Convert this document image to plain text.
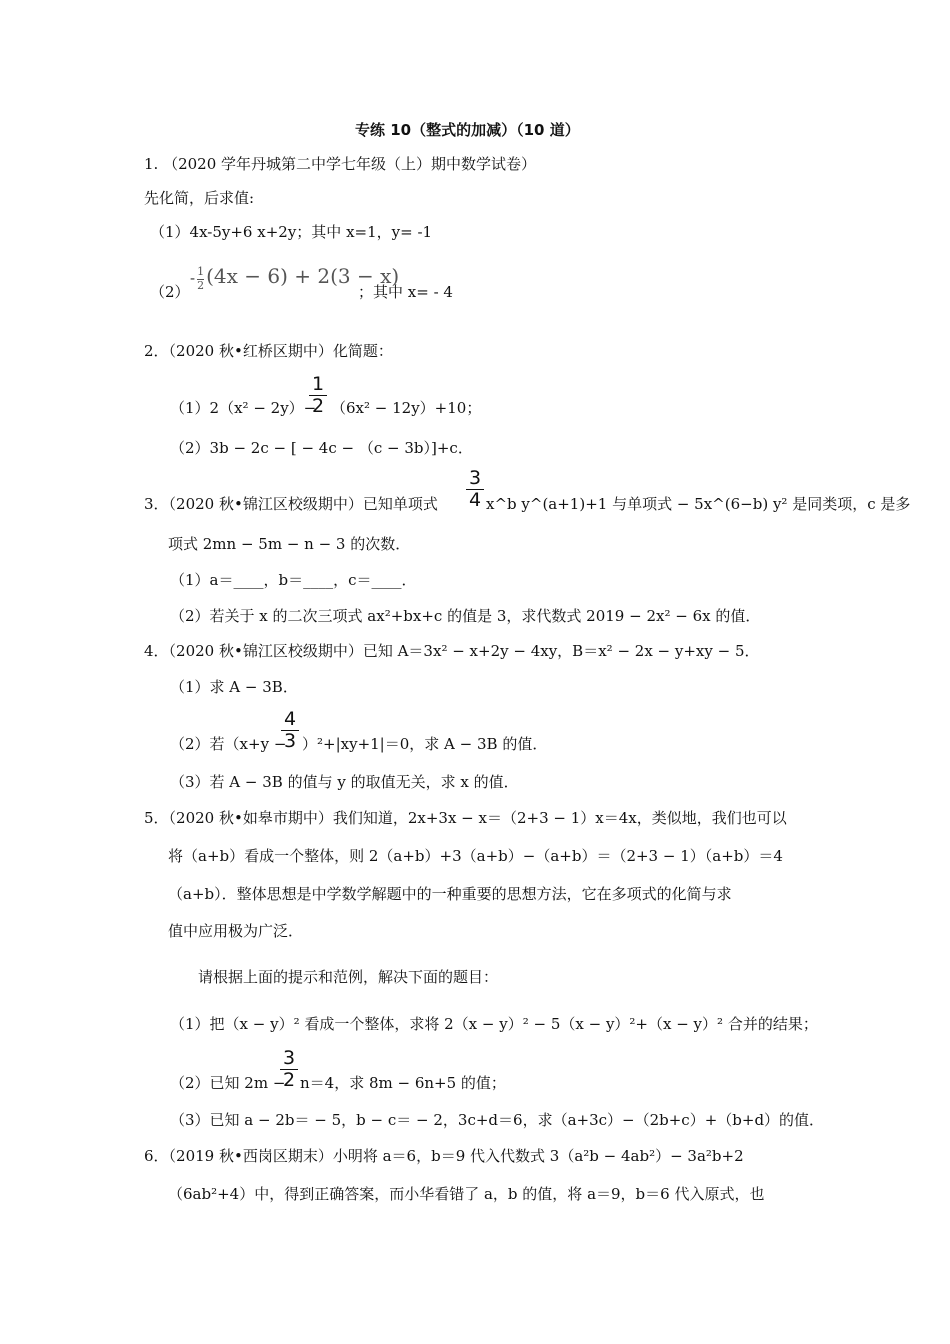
专练 10（整式的加减）（10 道）
1. （2020 学年丹城第二中学七年级（上）期中数学试卷）
先化简，后求值:
（1）4x-5y+6 x+2y；其中 x=1，y= -1
（2）
- $\frac{1}{2} (4x - 6) + 2(3 - x)$
；其中 x= - 4
2．（2020 秋•红桥区期中）化简题：
（1）2（x² − 2y）−
1
2 （6x² − 12y）+10；
（2）3b − 2c − [ − 4c − （c − 3b）]+c．
3．（2020 秋•锦江区校级期中）已知单项式
3
4 x^b y^(a+1)+1 与单项式 − 5x^(6−b) y² 是同类项，c 是多
项式 2mn − 5m − n − 3 的次数．
（1）a＝____，b＝____，c＝____．
（2）若关于 x 的二次三项式 ax²+bx+c 的值是 3，求代数式 2019 − 2x² − 6x 的值．
4．（2020 秋•锦江区校级期中）已知 A＝3x² − x+2y − 4xy，B＝x² − 2x − y+xy − 5．
（1）求 A − 3B．
（2）若（x+y −
4
3 ）²+|xy+1|＝0，求 A − 3B 的值．
（3）若 A − 3B 的值与 y 的取值无关，求 x 的值．
5．（2020 秋•如皋市期中）我们知道，2x+3x − x＝（2+3 − 1）x＝4x，类似地，我们也可以
将（a+b）看成一个整体，则 2（a+b）+3（a+b）−（a+b）＝（2+3 − 1）（a+b）＝4
（a+b）．整体思想是中学数学解题中的一种重要的思想方法，它在多项式的化简与求
值中应用极为广泛．
请根据上面的提示和范例，解决下面的题目：
（1）把（x − y）² 看成一个整体，求将 2（x − y）² − 5（x − y）²+（x − y）² 合并的结果；
（2）已知 2m −
3
2 n＝4，求 8m − 6n+5 的值；
（3）已知 a − 2b＝ − 5，b − c＝ − 2，3c+d＝6，求（a+3c）−（2b+c）+（b+d）的值．
6．（2019 秋•西岗区期末）小明将 a＝6，b＝9 代入代数式 3（a²b − 4ab²）− 3a²b+2
（6ab²+4）中，得到正确答案，而小华看错了 a，b 的值，将 a＝9，b＝6 代入原式，也
